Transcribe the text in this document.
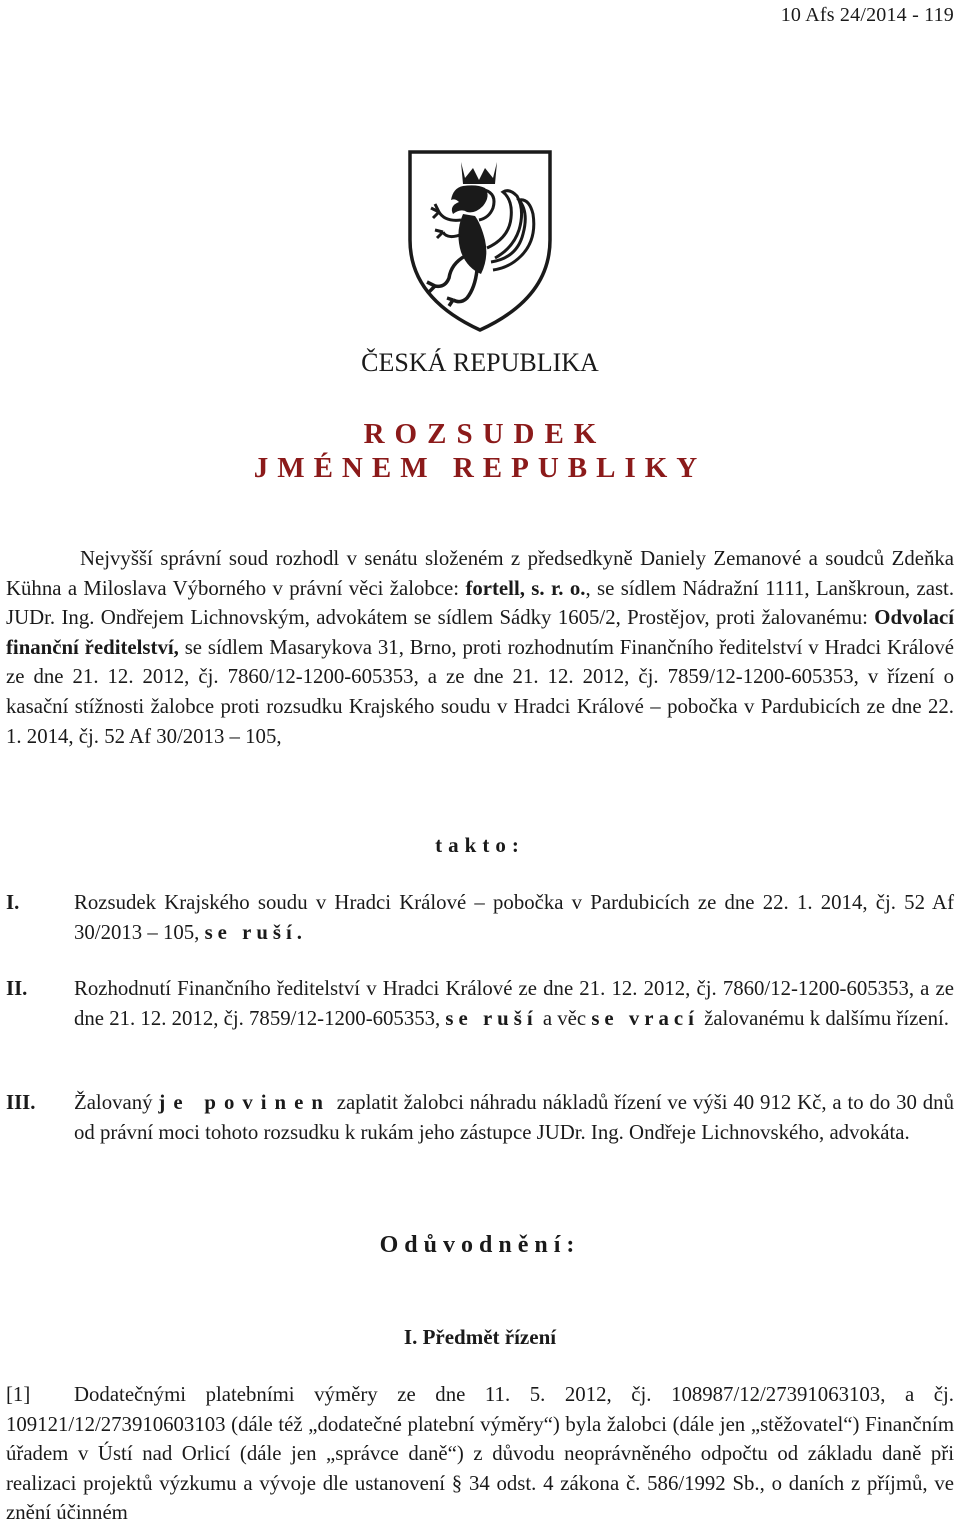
10 Afs 24/2014 - 119
ČESKÁ REPUBLIKA
ROZSUDEK
JMÉNEM REPUBLIKY
Nejvyšší správní soud rozhodl v senátu složeném z předsedkyně Daniely Zemanové a soudců Zdeňka Kühna a Miloslava Výborného v právní věci žalobce: fortell, s. r. o., se sídlem Nádražní 1111, Lanškroun, zast. JUDr. Ing. Ondřejem Lichnovským, advokátem se sídlem Sádky 1605/2, Prostějov, proti žalovanému: Odvolací finanční ředitelství, se sídlem Masarykova 31, Brno, proti rozhodnutím Finančního ředitelství v Hradci Králové ze dne 21. 12. 2012, čj. 7860/12-1200-605353, a ze dne 21. 12. 2012, čj. 7859/12-1200-605353, v řízení o kasační stížnosti žalobce proti rozsudku Krajského soudu v Hradci Králové – pobočka v Pardubicích ze dne 22. 1. 2014, čj. 52 Af 30/2013 – 105,
takto:
I.	Rozsudek Krajského soudu v Hradci Králové – pobočka v Pardubicích ze dne 22. 1. 2014, čj. 52 Af 30/2013 – 105, se ruší.
II. Rozhodnutí Finančního ředitelství v Hradci Králové ze dne 21. 12. 2012, čj. 7860/12-1200-605353, a ze dne 21. 12. 2012, čj. 7859/12-1200-605353, se ruší a věc se vrací žalovanému k dalšímu řízení.
III. Žalovaný je povinen zaplatit žalobci náhradu nákladů řízení ve výši 40 912 Kč, a to do 30 dnů od právní moci tohoto rozsudku k rukám jeho zástupce JUDr. Ing. Ondřeje Lichnovského, advokáta.
Odůvodnění:
I. Předmět řízení
[1] Dodatečnými platebními výměry ze dne 11. 5. 2012, čj. 108987/12/27391063103, a čj. 109121/12/273910603103 (dále též „dodatečné platební výměry“) byla žalobci (dále jen „stěžovatel“) Finančním úřadem v Ústí nad Orlicí (dále jen „správce daně“) z důvodu neoprávněného odpočtu od základu daně při realizaci projektů výzkumu a vývoje dle ustanovení § 34 odst. 4 zákona č. 586/1992 Sb., o daních z příjmů, ve znění účinném
